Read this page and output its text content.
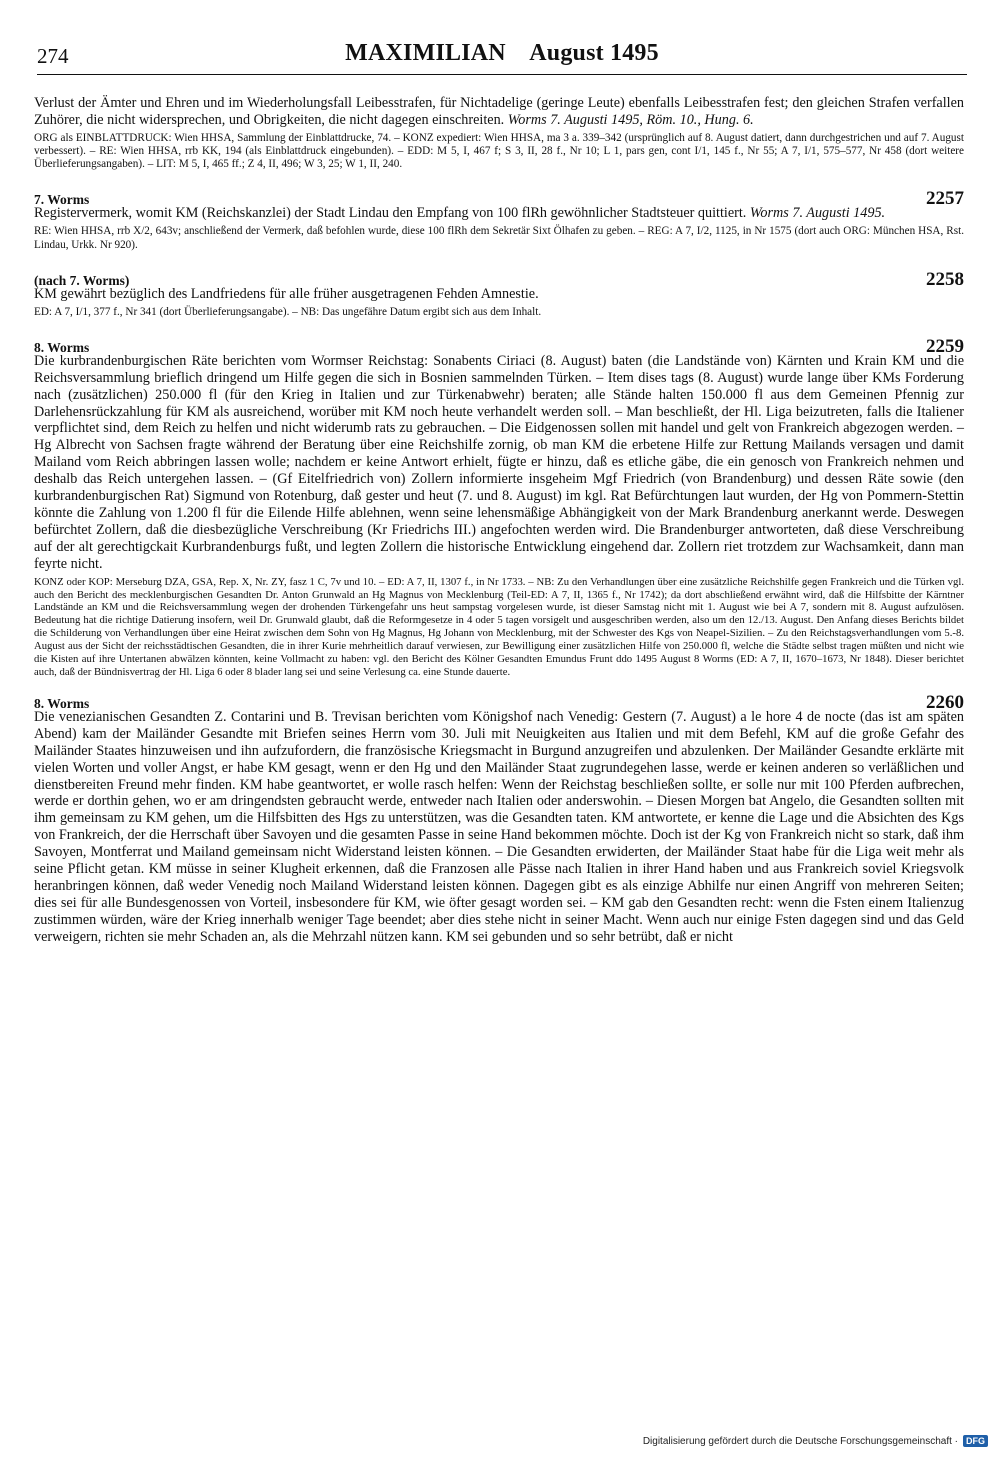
274	MAXIMILIAN    August 1495

Verlust der Ämter und Ehren und im Wiederholungsfall Leibesstrafen, für Nichtadelige (geringe Leute) ebenfalls Leibesstrafen fest; den gleichen Strafen verfallen Zuhörer, die nicht widersprechen, und Obrigkeiten, die nicht dagegen einschreiten. Worms 7. Augusti 1495, Röm. 10., Hung. 6.

ORG als EINBLATTDRUCK: Wien HHSA, Sammlung der Einblattdrucke, 74. – KONZ expediert: Wien HHSA, ma 3 a. 339–342 (ursprünglich auf 8. August datiert, dann durchgestrichen und auf 7. August verbessert). – RE: Wien HHSA, rrb KK, 194 (als Einblattdruck eingebunden). – EDD: M 5, I, 467 f; S 3, II, 28 f., Nr 10; L 1, pars gen, cont I/1, 145 f., Nr 55; A 7, I/1, 575–577, Nr 458 (dort weitere Überlieferungsangaben). – LIT: M 5, I, 465 ff.; Z 4, II, 496; W 3, 25; W 1, II, 240.

7. Worms	2257

Registervermerk, womit KM (Reichskanzlei) der Stadt Lindau den Empfang von 100 flRh gewöhnlicher Stadtsteuer quittiert. Worms 7. Augusti 1495.

RE: Wien HHSA, rrb X/2, 643v; anschließend der Vermerk, daß befohlen wurde, diese 100 flRh dem Sekretär Sixt Ölhafen zu geben. – REG: A 7, I/2, 1125, in Nr 1575 (dort auch ORG: München HSA, Rst. Lindau, Urkk. Nr 920).

(nach 7. Worms)	2258

KM gewährt bezüglich des Landfriedens für alle früher ausgetragenen Fehden Amnestie.

ED: A 7, I/1, 377 f., Nr 341 (dort Überlieferungsangabe). – NB: Das ungefähre Datum ergibt sich aus dem Inhalt.

8. Worms	2259

Die kurbrandenburgischen Räte berichten vom Wormser Reichstag: Sonabents Ciriaci (8. August) baten (die Landstände von) Kärnten und Krain KM und die Reichsversammlung brieflich dringend um Hilfe gegen die sich in Bosnien sammelnden Türken. – Item dises tags (8. August) wurde lange über KMs Forderung nach (zusätzlichen) 250.000 fl (für den Krieg in Italien und zur Türkenabwehr) beraten; alle Stände halten 150.000 fl aus dem Gemeinen Pfennig zur Darlehensrückzahlung für KM als ausreichend, worüber mit KM noch heute verhandelt werden soll. – Man beschließt, der Hl. Liga beizutreten, falls die Italiener verpflichtet sind, dem Reich zu helfen und nicht widerumb rats zu gebrauchen. – Die Eidgenossen sollen mit handel und gelt von Frankreich abgezogen werden. – Hg Albrecht von Sachsen fragte während der Beratung über eine Reichshilfe zornig, ob man KM die erbetene Hilfe zur Rettung Mailands versagen und damit Mailand vom Reich abbringen lassen wolle; nachdem er keine Antwort erhielt, fügte er hinzu, daß es etliche gäbe, die ein genosch von Frankreich nehmen und deshalb das Reich untergehen lassen. – (Gf Eitelfriedrich von) Zollern informierte insgeheim Mgf Friedrich (von Brandenburg) und dessen Räte sowie (den kurbrandenburgischen Rat) Sigmund von Rotenburg, daß gester und heut (7. und 8. August) im kgl. Rat Befürchtungen laut wurden, der Hg von Pommern-Stettin könnte die Zahlung von 1.200 fl für die Eilende Hilfe ablehnen, wenn seine lehensmäßige Abhängigkeit von der Mark Brandenburg anerkannt werde. Deswegen befürchtet Zollern, daß die diesbezügliche Verschreibung (Kr Friedrichs III.) angefochten werden wird. Die Brandenburger antworteten, daß diese Verschreibung auf der alt gerechtigckait Kurbrandenburgs fußt, und legten Zollern die historische Entwicklung eingehend dar. Zollern riet trotzdem zur Wachsamkeit, dann man feyrte nicht.

KONZ oder KOP: Merseburg DZA, GSA, Rep. X, Nr. ZY, fasz 1 C, 7v und 10. – ED: A 7, II, 1307 f., in Nr 1733. – NB: Zu den Verhandlungen über eine zusätzliche Reichshilfe gegen Frankreich und die Türken vgl. auch den Bericht des mecklenburgischen Gesandten Dr. Anton Grunwald an Hg Magnus von Mecklenburg (Teil-ED: A 7, II, 1365 f., Nr 1742); da dort abschließend erwähnt wird, daß die Hilfsbitte der Kärntner Landstände an KM und die Reichsversammlung wegen der drohenden Türkengefahr uns heut sampstag vorgelesen wurde, ist dieser Samstag nicht mit 1. August wie bei A 7, sondern mit 8. August aufzulösen. Bedeutung hat die richtige Datierung insofern, weil Dr. Grunwald glaubt, daß die Reformgesetze in 4 oder 5 tagen vorsigelt und ausgeschriben werden, also um den 12./13. August. Den Anfang dieses Berichts bildet die Schilderung von Verhandlungen über eine Heirat zwischen dem Sohn von Hg Magnus, Hg Johann von Mecklenburg, mit der Schwester des Kgs von Neapel-Sizilien. – Zu den Reichstagsverhandlungen vom 5.-8. August aus der Sicht der reichsstädtischen Gesandten, die in ihrer Kurie mehrheitlich darauf verwiesen, zur Bewilligung einer zusätzlichen Hilfe von 250.000 fl, welche die Städte selbst tragen müßten und nicht wie die Kisten auf ihre Untertanen abwälzen könnten, keine Vollmacht zu haben: vgl. den Bericht des Kölner Gesandten Emundus Frunt ddo 1495 August 8 Worms (ED: A 7, II, 1670–1673, Nr 1848). Dieser berichtet auch, daß der Bündnisvertrag der Hl. Liga 6 oder 8 blader lang sei und seine Verlesung ca. eine Stunde dauerte.

8. Worms	2260

Die venezianischen Gesandten Z. Contarini und B. Trevisan berichten vom Königshof nach Venedig: Gestern (7. August) a le hore 4 de nocte (das ist am späten Abend) kam der Mailänder Gesandte mit Briefen seines Herrn vom 30. Juli mit Neuigkeiten aus Italien und mit dem Befehl, KM auf die große Gefahr des Mailänder Staates hinzuweisen und ihn aufzufordern, die französische Kriegsmacht in Burgund anzugreifen und abzulenken. Der Mailänder Gesandte erklärte mit vielen Worten und voller Angst, er habe KM gesagt, wenn er den Hg und den Mailänder Staat zugrundegehen lasse, werde er keinen anderen so verläßlichen und dienstbereiten Freund mehr finden. KM habe geantwortet, er wolle rasch helfen: Wenn der Reichstag beschließen sollte, er solle nur mit 100 Pferden aufbrechen, werde er dorthin gehen, wo er am dringendsten gebraucht werde, entweder nach Italien oder anderswohin. – Diesen Morgen bat Angelo, die Gesandten sollten mit ihm gemeinsam zu KM gehen, um die Hilfsbitten des Hgs zu unterstützen, was die Gesandten taten. KM antwortete, er kenne die Lage und die Absichten des Kgs von Frankreich, der die Herrschaft über Savoyen und die gesamten Passe in seine Hand bekommen möchte. Doch ist der Kg von Frankreich nicht so stark, daß ihm Savoyen, Montferrat und Mailand gemeinsam nicht Widerstand leisten können. – Die Gesandten erwiderten, der Mailänder Staat habe für die Liga weit mehr als seine Pflicht getan. KM müsse in seiner Klugheit erkennen, daß die Franzosen alle Pässe nach Italien in ihrer Hand haben und aus Frankreich soviel Kriegsvolk heranbringen können, daß weder Venedig noch Mailand Widerstand leisten können. Dagegen gibt es als einzige Abhilfe nur einen Angriff von mehreren Seiten; dies sei für alle Bundesgenossen von Vorteil, insbesondere für KM, wie öfter gesagt worden sei. – KM gab den Gesandten recht: wenn die Fsten einem Italienzug zustimmen würden, wäre der Krieg innerhalb weniger Tage beendet; aber dies stehe nicht in seiner Macht. Wenn auch nur einige Fsten dagegen sind und das Geld verweigern, richten sie mehr Schaden an, als die Mehrzahl nützen kann. KM sei gebunden und so sehr betrübt, daß er nicht

Digitalisierung gefördert durch die Deutsche Forschungsgemeinschaft · DFG
